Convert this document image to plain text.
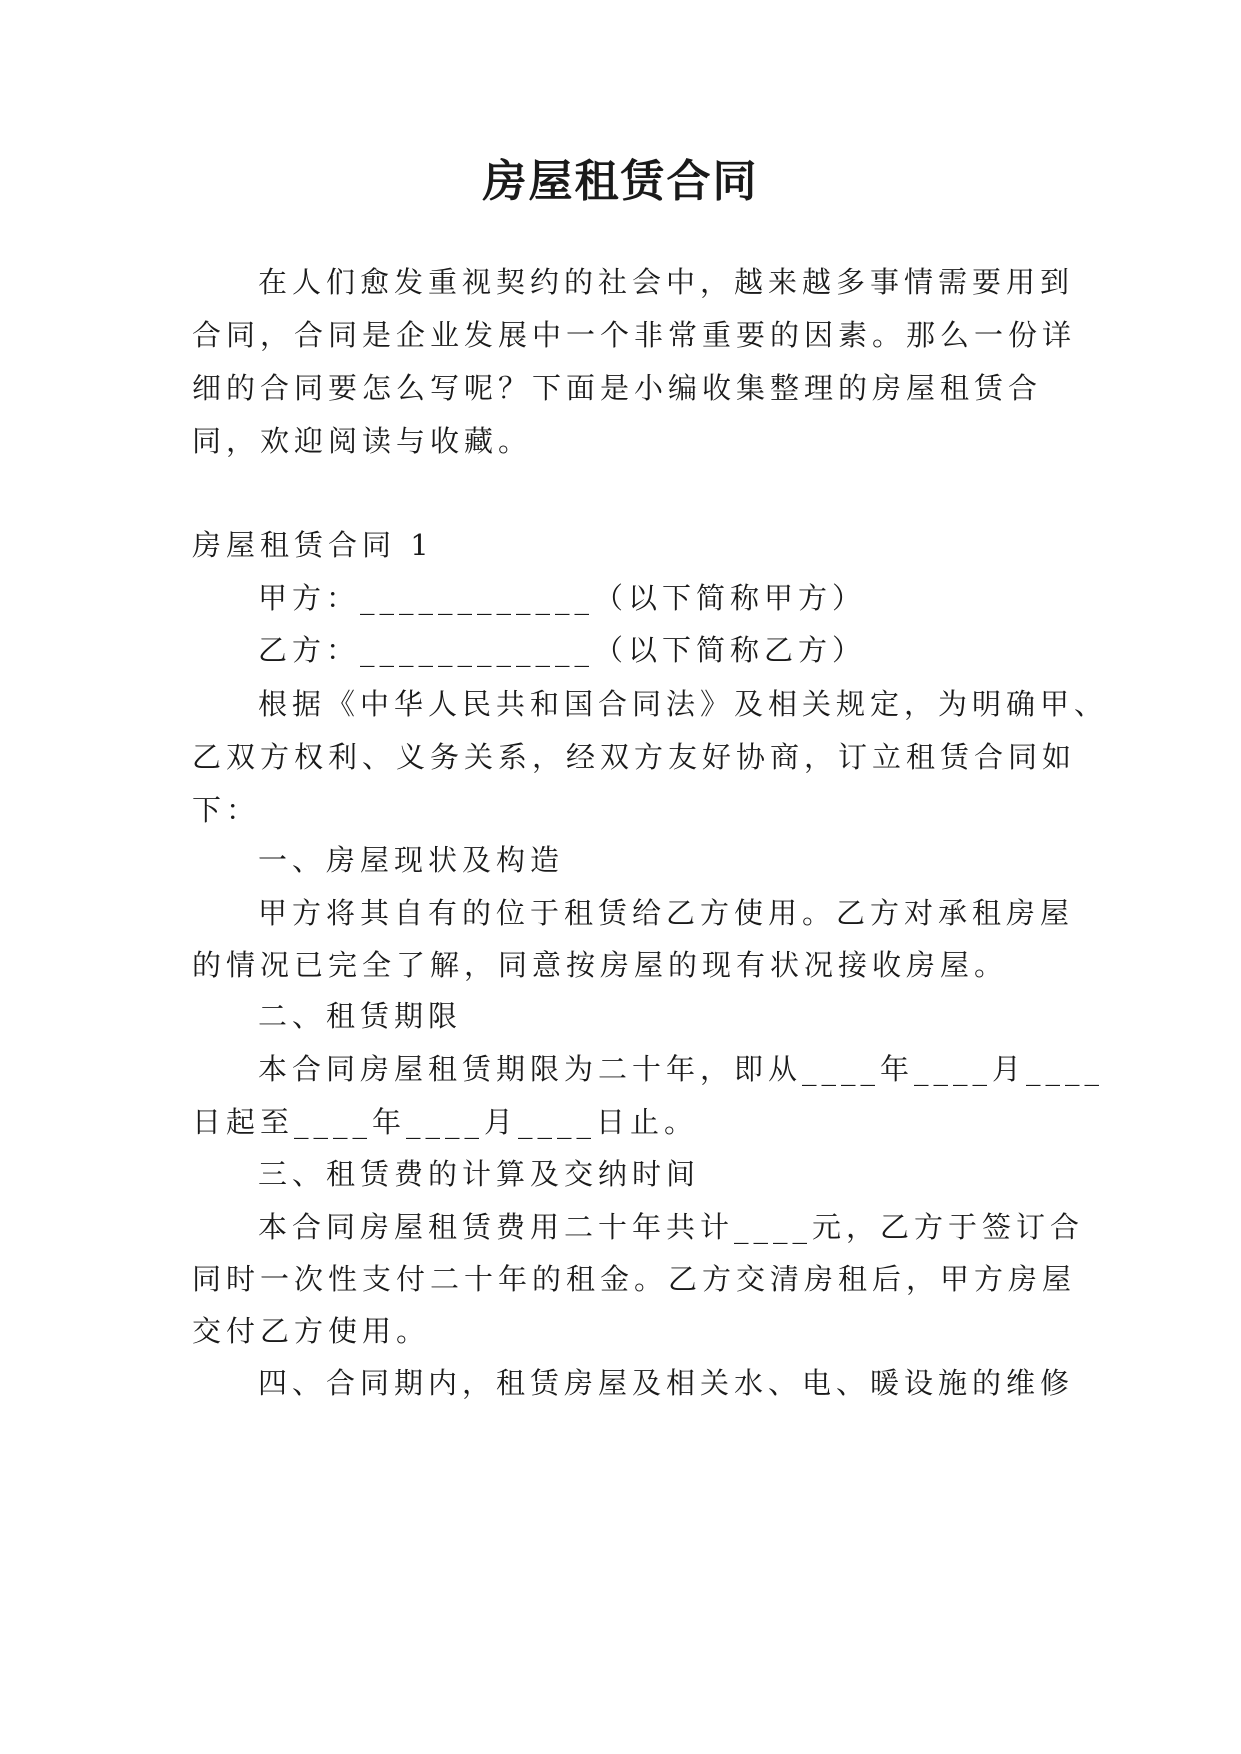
房屋租赁合同
在人们愈发重视契约的社会中，越来越多事情需要用到
合同，合同是企业发展中一个非常重要的因素。那么一份详
细的合同要怎么写呢？下面是小编收集整理的房屋租赁合
同，欢迎阅读与收藏。
房屋租赁合同 1
甲方：____________（以下简称甲方）
乙方：____________（以下简称乙方）
根据《中华人民共和国合同法》及相关规定，为明确甲、
乙双方权利、义务关系，经双方友好协商，订立租赁合同如
下：
一、房屋现状及构造
甲方将其自有的位于租赁给乙方使用。乙方对承租房屋
的情况已完全了解，同意按房屋的现有状况接收房屋。
二、租赁期限
本合同房屋租赁期限为二十年，即从____年____月____
日起至____年____月____日止。
三、租赁费的计算及交纳时间
本合同房屋租赁费用二十年共计____元，乙方于签订合
同时一次性支付二十年的租金。乙方交清房租后，甲方房屋
交付乙方使用。
四、合同期内，租赁房屋及相关水、电、暖设施的维修
